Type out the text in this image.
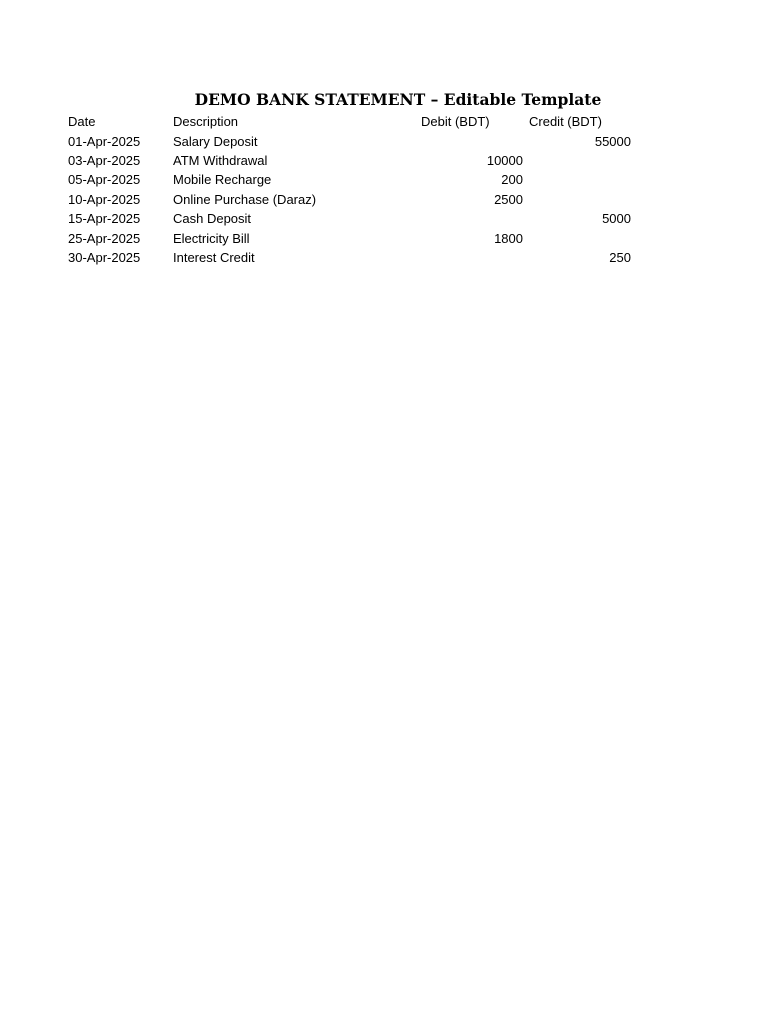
DEMO BANK STATEMENT – Editable Template
Date	Description	Debit (BDT)	Credit (BDT)
01-Apr-2025	Salary Deposit		55000
03-Apr-2025	ATM Withdrawal	10000	
05-Apr-2025	Mobile Recharge	200	
10-Apr-2025	Online Purchase (Daraz)	2500	
15-Apr-2025	Cash Deposit		5000
25-Apr-2025	Electricity Bill	1800	
30-Apr-2025	Interest Credit		250
